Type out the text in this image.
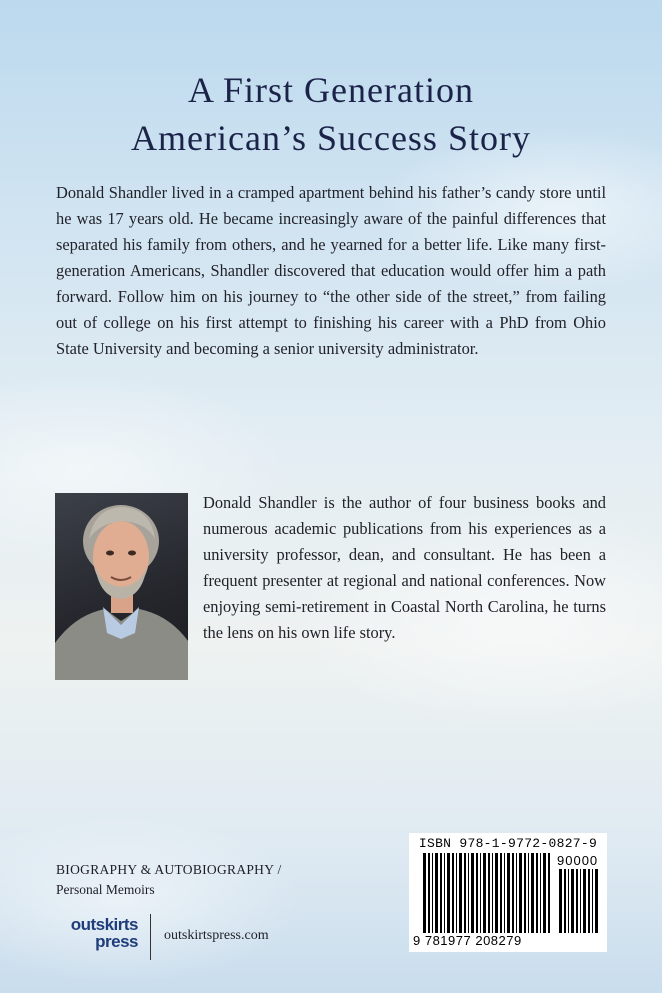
A First Generation
American’s Success Story

Donald Shandler lived in a cramped apartment behind his father’s candy store until he was 17 years old. He became increasingly aware of the painful differences that separated his family from others, and he yearned for a better life. Like many first-generation Americans, Shandler discovered that education would offer him a path forward. Follow him on his journey to “the other side of the street,” from failing out of college on his first attempt to finishing his career with a PhD from Ohio State University and becoming a senior university administrator.

Donald Shandler is the author of four business books and numerous academic publications from his experiences as a university professor, dean, and consultant. He has been a frequent presenter at regional and national conferences. Now enjoying semi-retirement in Coastal North Carolina, he turns the lens on his own life story.

BIOGRAPHY & AUTOBIOGRAPHY /
Personal Memoirs
outskirts
press outskirtspress.com
ISBN 978-1-9772-0827-9
90000
9 781977 208279
